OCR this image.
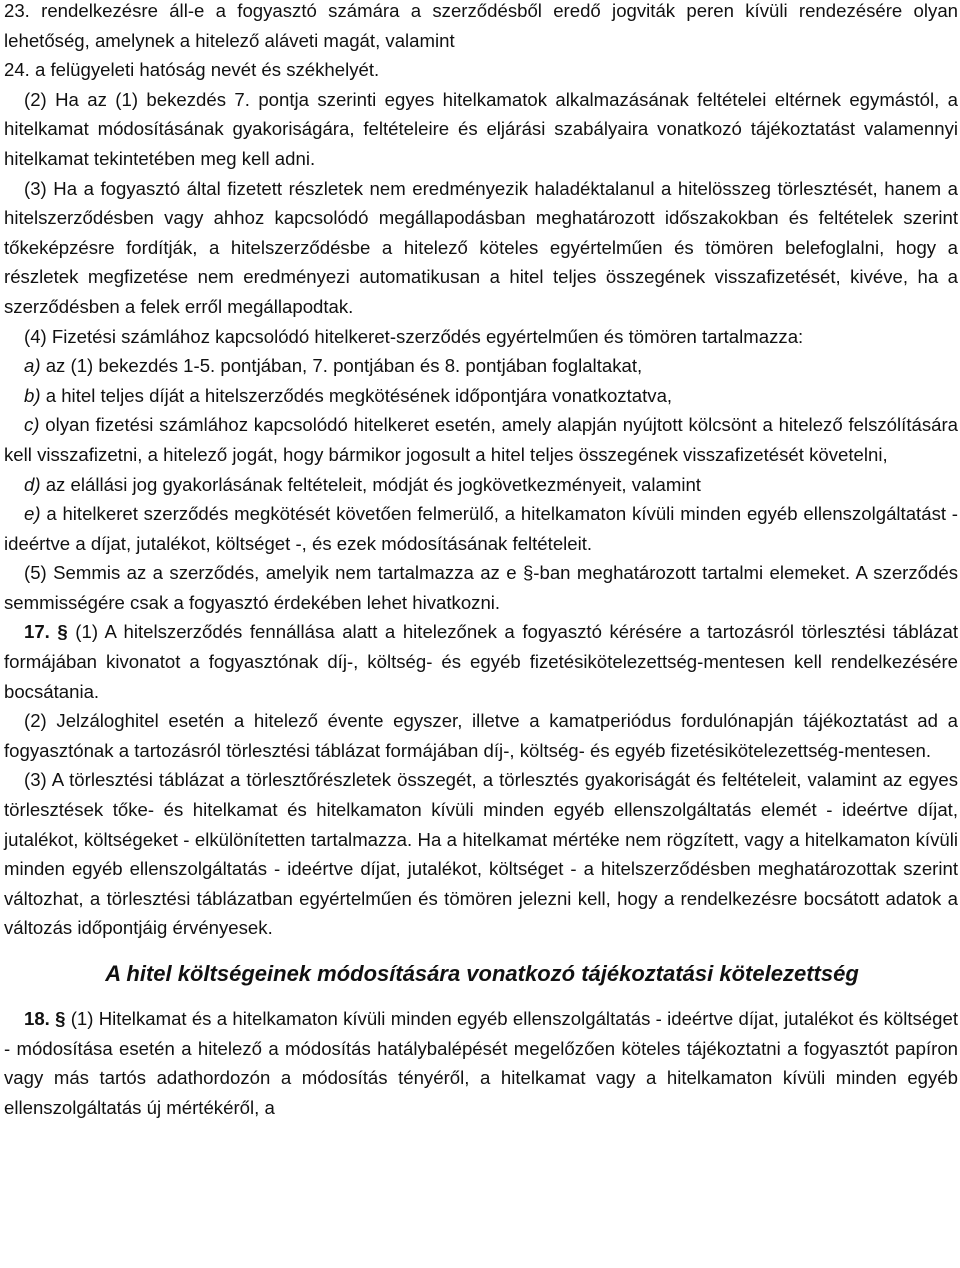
23. rendelkezésre áll-e a fogyasztó számára a szerződésből eredő jogviták peren kívüli rendezésére olyan lehetőség, amelynek a hitelező aláveti magát, valamint

24. a felügyeleti hatóság nevét és székhelyét.

(2) Ha az (1) bekezdés 7. pontja szerinti egyes hitelkamatok alkalmazásának feltételei eltérnek egymástól, a hitelkamat módosításának gyakoriságára, feltételeire és eljárási szabályaira vonatkozó tájékoztatást valamennyi hitelkamat tekintetében meg kell adni.

(3) Ha a fogyasztó által fizetett részletek nem eredményezik haladéktalanul a hitelösszeg törlesztését, hanem a hitelszerződésben vagy ahhoz kapcsolódó megállapodásban meghatározott időszakokban és feltételek szerint tőkeképzésre fordítják, a hitelszerződésbe a hitelező köteles egyértelműen és tömören belefoglalni, hogy a részletek megfizetése nem eredményezi automatikusan a hitel teljes összegének visszafizetését, kivéve, ha a szerződésben a felek erről megállapodtak.

(4) Fizetési számlához kapcsolódó hitelkeret-szerződés egyértelműen és tömören tartalmazza:

a) az (1) bekezdés 1-5. pontjában, 7. pontjában és 8. pontjában foglaltakat,

b) a hitel teljes díját a hitelszerződés megkötésének időpontjára vonatkoztatva,

c) olyan fizetési számlához kapcsolódó hitelkeret esetén, amely alapján nyújtott kölcsönt a hitelező felszólítására kell visszafizetni, a hitelező jogát, hogy bármikor jogosult a hitel teljes összegének visszafizetését követelni,

d) az elállási jog gyakorlásának feltételeit, módját és jogkövetkezményeit, valamint

e) a hitelkeret szerződés megkötését követően felmerülő, a hitelkamaton kívüli minden egyéb ellenszolgáltatást - ideértve a díjat, jutalékot, költséget -, és ezek módosításának feltételeit.

(5) Semmis az a szerződés, amelyik nem tartalmazza az e §-ban meghatározott tartalmi elemeket. A szerződés semmisségére csak a fogyasztó érdekében lehet hivatkozni.

17. § (1) A hitelszerződés fennállása alatt a hitelezőnek a fogyasztó kérésére a tartozásról törlesztési táblázat formájában kivonatot a fogyasztónak díj-, költség- és egyéb fizetésikötelezettség-mentesen kell rendelkezésére bocsátania.

(2) Jelzáloghitel esetén a hitelező évente egyszer, illetve a kamatperiódus fordulónapján tájékoztatást ad a fogyasztónak a tartozásról törlesztési táblázat formájában díj-, költség- és egyéb fizetésikötelezettség-mentesen.

(3) A törlesztési táblázat a törlesztőrészletek összegét, a törlesztés gyakoriságát és feltételeit, valamint az egyes törlesztések tőke- és hitelkamat és hitelkamaton kívüli minden egyéb ellenszolgáltatás elemét - ideértve díjat, jutalékot, költségeket - elkülönítetten tartalmazza. Ha a hitelkamat mértéke nem rögzített, vagy a hitelkamaton kívüli minden egyéb ellenszolgáltatás - ideértve díjat, jutalékot, költséget - a hitelszerződésben meghatározottak szerint változhat, a törlesztési táblázatban egyértelműen és tömören jelezni kell, hogy a rendelkezésre bocsátott adatok a változás időpontjáig érvényesek.

A hitel költségeinek módosítására vonatkozó tájékoztatási kötelezettség

18. § (1) Hitelkamat és a hitelkamaton kívüli minden egyéb ellenszolgáltatás - ideértve díjat, jutalékot és költséget - módosítása esetén a hitelező a módosítás hatálybalépését megelőzően köteles tájékoztatni a fogyasztót papíron vagy más tartós adathordozón a módosítás tényéről, a hitelkamat vagy a hitelkamaton kívüli minden egyéb ellenszolgáltatás új mértékéről, a
